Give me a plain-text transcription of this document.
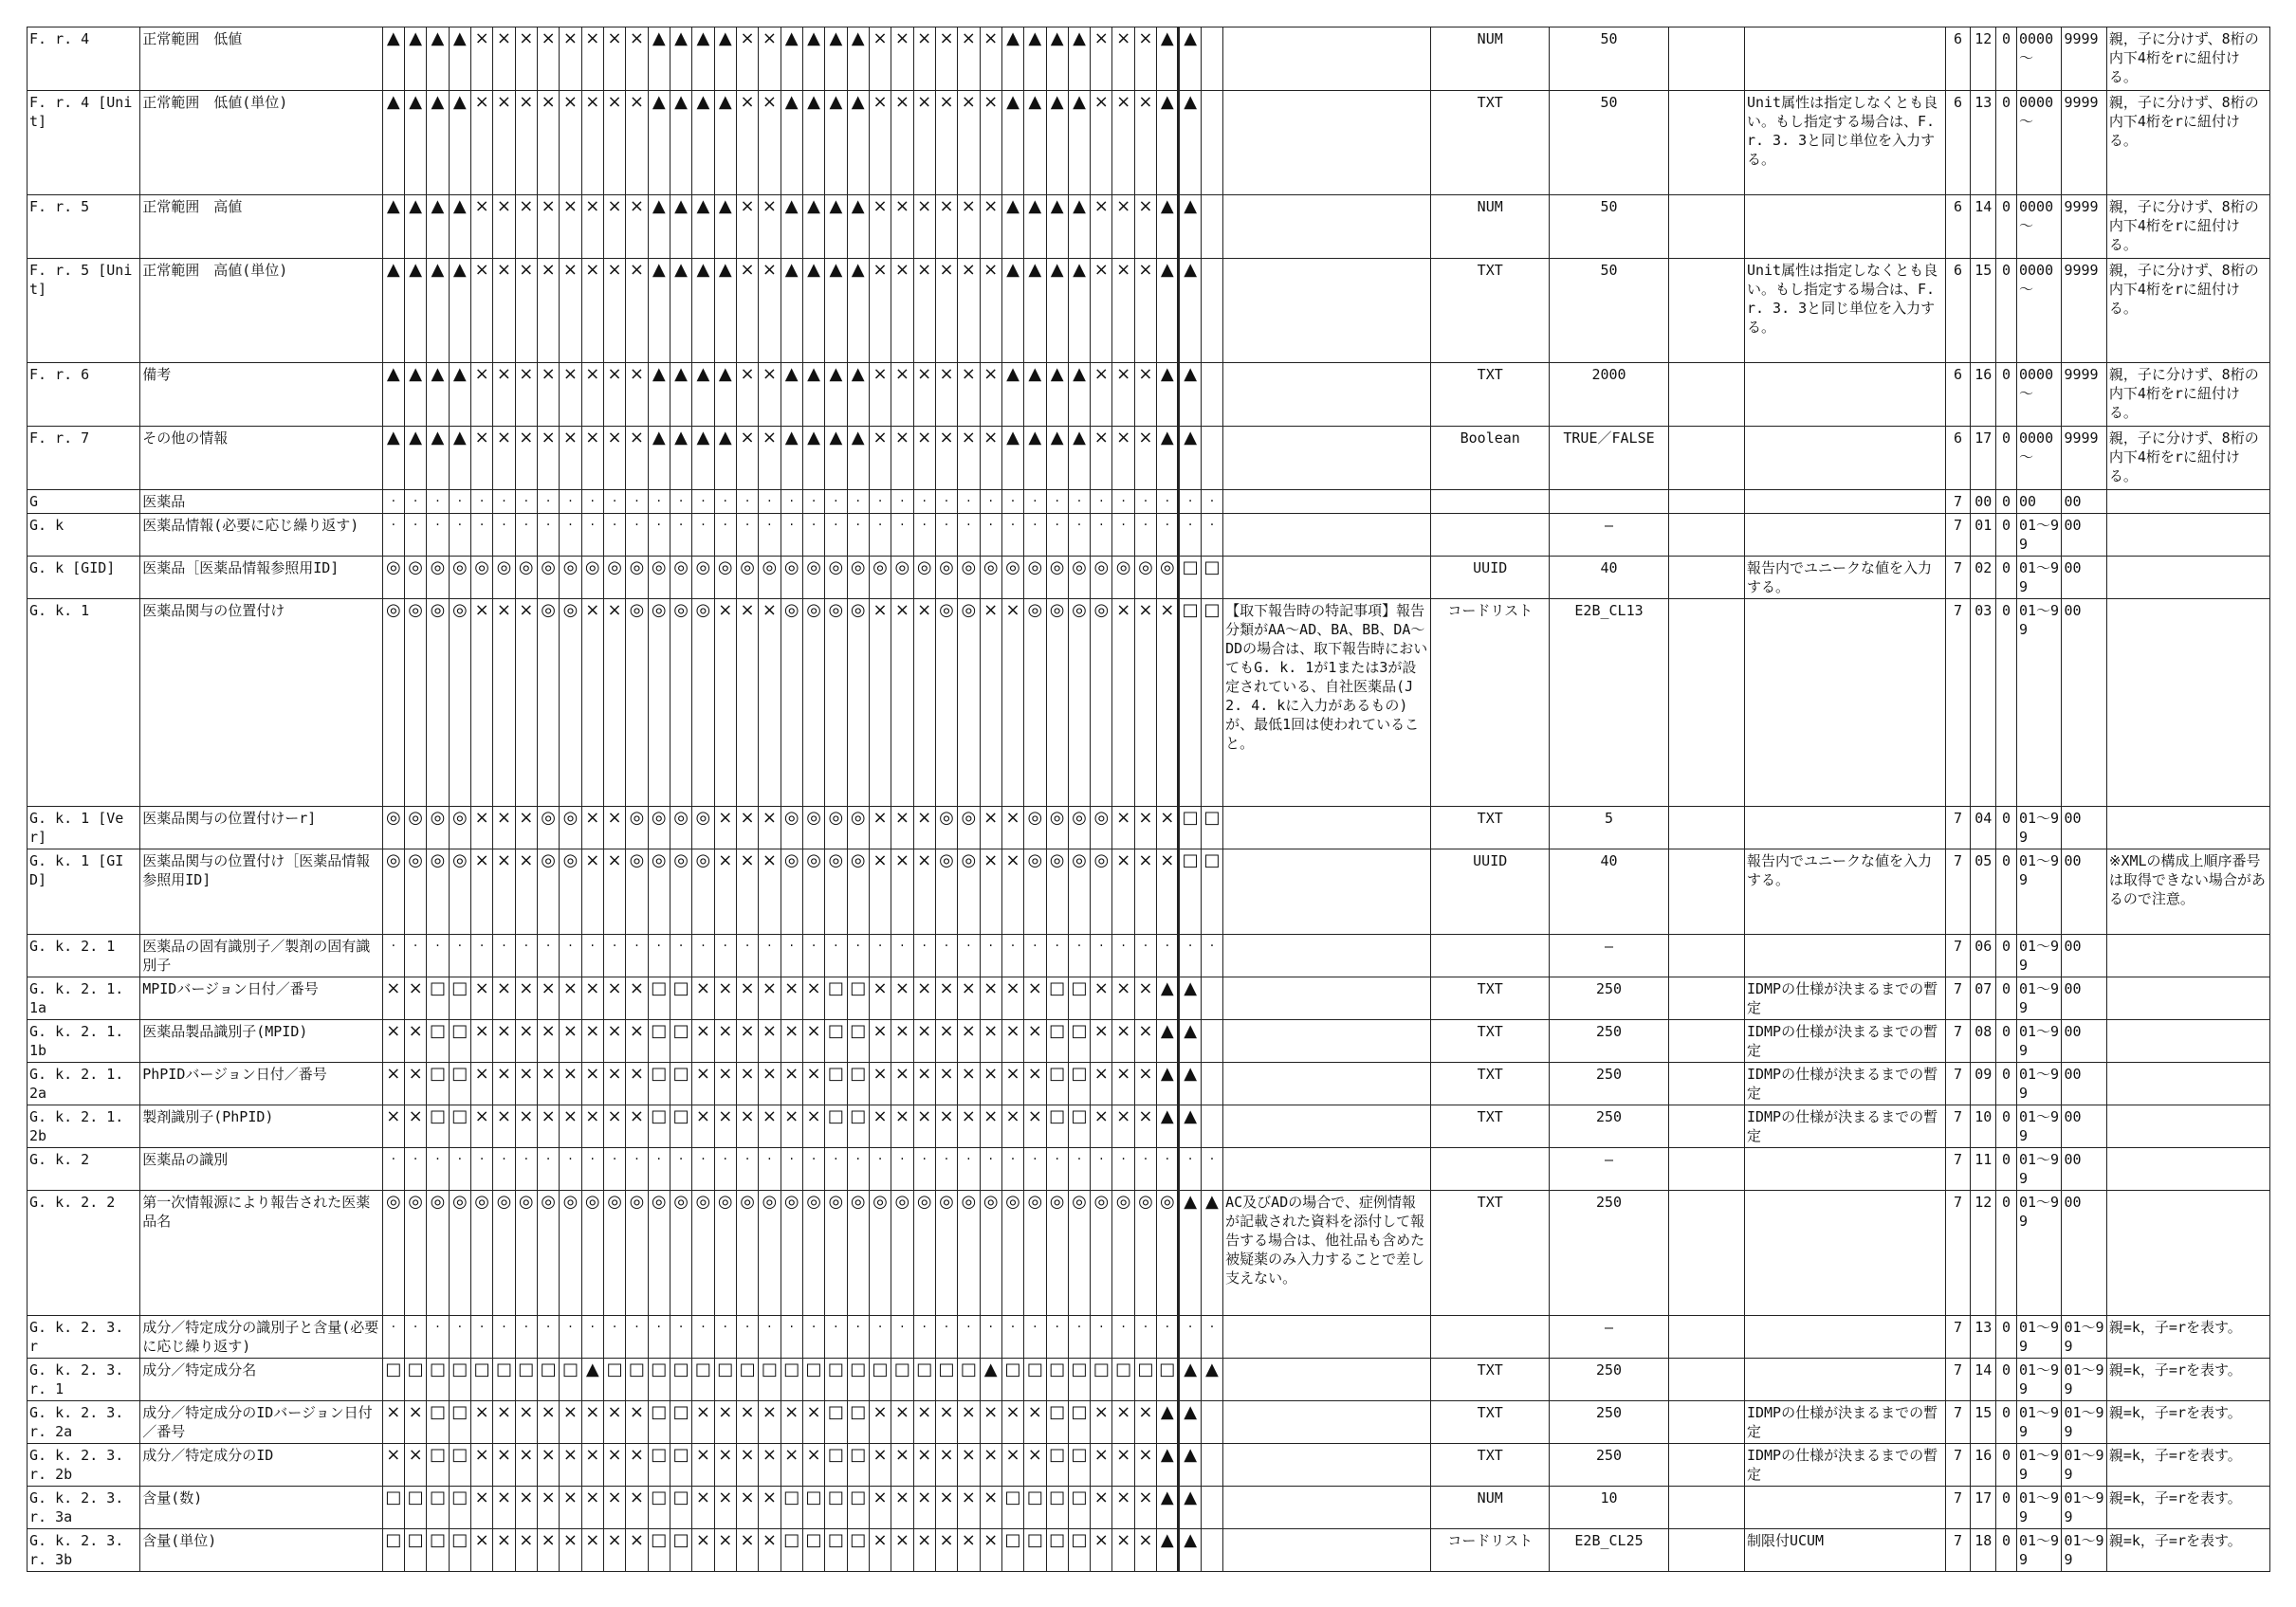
F. r. 4	正常範囲　低値	▲	▲	▲	▲	×	×	×	×	×	×	×	×	▲	▲	▲	▲	×	×	▲	▲	▲	▲	×	×	×	×	×	×	▲	▲	▲	▲	×	×	×	▲	▲			NUM	50			6	12	0	0000～	9999	親，子に分けず、8桁の内下4桁をrに紐付ける。
F. r. 4 [Unit]	正常範囲　低値(単位)	▲	▲	▲	▲	×	×	×	×	×	×	×	×	▲	▲	▲	▲	×	×	▲	▲	▲	▲	×	×	×	×	×	×	▲	▲	▲	▲	×	×	×	▲	▲			TXT	50		Unit属性は指定しなくとも良い。もし指定する場合は、F. r. 3. 3と同じ単位を入力する。	6	13	0	0000～	9999	親，子に分けず、8桁の内下4桁をrに紐付ける。
F. r. 5	正常範囲　高値	▲	▲	▲	▲	×	×	×	×	×	×	×	×	▲	▲	▲	▲	×	×	▲	▲	▲	▲	×	×	×	×	×	×	▲	▲	▲	▲	×	×	×	▲	▲			NUM	50			6	14	0	0000～	9999	親，子に分けず、8桁の内下4桁をrに紐付ける。
F. r. 5 [Unit]	正常範囲　高値(単位)	▲	▲	▲	▲	×	×	×	×	×	×	×	×	▲	▲	▲	▲	×	×	▲	▲	▲	▲	×	×	×	×	×	×	▲	▲	▲	▲	×	×	×	▲	▲			TXT	50		Unit属性は指定しなくとも良い。もし指定する場合は、F. r. 3. 3と同じ単位を入力する。	6	15	0	0000～	9999	親，子に分けず、8桁の内下4桁をrに紐付ける。
F. r. 6	備考	▲	▲	▲	▲	×	×	×	×	×	×	×	×	▲	▲	▲	▲	×	×	▲	▲	▲	▲	×	×	×	×	×	×	▲	▲	▲	▲	×	×	×	▲	▲			TXT	2000			6	16	0	0000～	9999	親，子に分けず、8桁の内下4桁をrに紐付ける。
F. r. 7	その他の情報	▲	▲	▲	▲	×	×	×	×	×	×	×	×	▲	▲	▲	▲	×	×	▲	▲	▲	▲	×	×	×	×	×	×	▲	▲	▲	▲	×	×	×	▲	▲			Boolean	TRUE／FALSE			6	17	0	0000～	9999	親，子に分けず、8桁の内下4桁をrに紐付ける。
G	医薬品	·	·	·	·	·	·	·	·	·	·	·	·	·	·	·	·	·	·	·	·	·	·	·	·	·	·	·	·	·	·	·	·	·	·	·	·	·	·						7	00	0	00	00	
G. k	医薬品情報(必要に応じ繰り返す)	·	·	·	·	·	·	·	·	·	·	·	·	·	·	·	·	·	·	·	·	·	·	·	·	·	·	·	·	·	·	·	·	·	·	·	·	·	·			—			7	01	0	01～99	00	
G. k [GID]	医薬品［医薬品情報参照用ID]	◎	◎	◎	◎	◎	◎	◎	◎	◎	◎	◎	◎	◎	◎	◎	◎	◎	◎	◎	◎	◎	◎	◎	◎	◎	◎	◎	◎	◎	◎	◎	◎	◎	◎	◎	◎	□	□		UUID	40		報告内でユニークな値を入力する。	7	02	0	01～99	00	
G. k. 1	医薬品関与の位置付け	◎	◎	◎	◎	×	×	×	◎	◎	×	×	◎	◎	◎	◎	×	×	×	◎	◎	◎	◎	×	×	×	◎	◎	×	×	◎	◎	◎	◎	×	×	×	□	□	【取下報告時の特記事項】報告分類がAA～AD、BA、BB、DA～DDの場合は、取下報告時においてもG. k. 1が1または3が設定されている、自社医薬品(J2. 4. kに入力があるもの)が、最低1回は使われていること。	コードリスト	E2B_CL13			7	03	0	01～99	00	
G. k. 1 [Ver]	医薬品関与の位置付けーr]	◎	◎	◎	◎	×	×	×	◎	◎	×	×	◎	◎	◎	◎	×	×	×	◎	◎	◎	◎	×	×	×	◎	◎	×	×	◎	◎	◎	◎	×	×	×	□	□		TXT	5			7	04	0	01～99	00	
G. k. 1 [GID]	医薬品関与の位置付け［医薬品情報参照用ID]	◎	◎	◎	◎	×	×	×	◎	◎	×	×	◎	◎	◎	◎	×	×	×	◎	◎	◎	◎	×	×	×	◎	◎	×	×	◎	◎	◎	◎	×	×	×	□	□		UUID	40		報告内でユニークな値を入力する。	7	05	0	01～99	00	※XMLの構成上順序番号は取得できない場合があるので注意。
G. k. 2. 1	医薬品の固有識別子／製剤の固有識別子	·	·	·	·	·	·	·	·	·	·	·	·	·	·	·	·	·	·	·	·	·	·	·	·	·	·	·	·	·	·	·	·	·	·	·	·	·	·			—			7	06	0	01～99	00	
G. k. 2. 1. 1a	MPIDバージョン日付／番号	×	×	□	□	×	×	×	×	×	×	×	×	□	□	×	×	×	×	×	×	□	□	×	×	×	×	×	×	×	×	□	□	×	×	×	▲	▲			TXT	250		IDMPの仕様が決まるまでの暫定	7	07	0	01～99	00	
G. k. 2. 1. 1b	医薬品製品識別子(MPID)	×	×	□	□	×	×	×	×	×	×	×	×	□	□	×	×	×	×	×	×	□	□	×	×	×	×	×	×	×	×	□	□	×	×	×	▲	▲			TXT	250		IDMPの仕様が決まるまでの暫定	7	08	0	01～99	00	
G. k. 2. 1. 2a	PhPIDバージョン日付／番号	×	×	□	□	×	×	×	×	×	×	×	×	□	□	×	×	×	×	×	×	□	□	×	×	×	×	×	×	×	×	□	□	×	×	×	▲	▲			TXT	250		IDMPの仕様が決まるまでの暫定	7	09	0	01～99	00	
G. k. 2. 1. 2b	製剤識別子(PhPID)	×	×	□	□	×	×	×	×	×	×	×	×	□	□	×	×	×	×	×	×	□	□	×	×	×	×	×	×	×	×	□	□	×	×	×	▲	▲			TXT	250		IDMPの仕様が決まるまでの暫定	7	10	0	01～99	00	
G. k. 2	医薬品の識別	·	·	·	·	·	·	·	·	·	·	·	·	·	·	·	·	·	·	·	·	·	·	·	·	·	·	·	·	·	·	·	·	·	·	·	·	·	·			—			7	11	0	01～99	00	
G. k. 2. 2	第一次情報源により報告された医薬品名	◎	◎	◎	◎	◎	◎	◎	◎	◎	◎	◎	◎	◎	◎	◎	◎	◎	◎	◎	◎	◎	◎	◎	◎	◎	◎	◎	◎	◎	◎	◎	◎	◎	◎	◎	◎	▲	▲	AC及びADの場合で、症例情報が記載された資料を添付して報告する場合は、他社品も含めた被疑薬のみ入力することで差し支えない。	TXT	250			7	12	0	01～99	00	
G. k. 2. 3. r	成分／特定成分の識別子と含量(必要に応じ繰り返す)	·	·	·	·	·	·	·	·	·	·	·	·	·	·	·	·	·	·	·	·	·	·	·	·	·	·	·	·	·	·	·	·	·	·	·	·	·	·			—			7	13	0	01～99	01～99	親=k，子=rを表す。
G. k. 2. 3. r. 1	成分／特定成分名	□	□	□	□	□	□	□	□	□	▲	□	□	□	□	□	□	□	□	□	□	□	□	□	□	□	□	□	▲	□	□	□	□	□	□	□	□	▲	▲		TXT	250			7	14	0	01～99	01～99	親=k，子=rを表す。
G. k. 2. 3. r. 2a	成分／特定成分のIDバージョン日付／番号	×	×	□	□	×	×	×	×	×	×	×	×	□	□	×	×	×	×	×	×	□	□	×	×	×	×	×	×	×	×	□	□	×	×	×	▲	▲			TXT	250		IDMPの仕様が決まるまでの暫定	7	15	0	01～99	01～99	親=k，子=rを表す。
G. k. 2. 3. r. 2b	成分／特定成分のID	×	×	□	□	×	×	×	×	×	×	×	×	□	□	×	×	×	×	×	×	□	□	×	×	×	×	×	×	×	×	□	□	×	×	×	▲	▲			TXT	250		IDMPの仕様が決まるまでの暫定	7	16	0	01～99	01～99	親=k，子=rを表す。
G. k. 2. 3. r. 3a	含量(数)	□	□	□	□	×	×	×	×	×	×	×	×	□	□	×	×	×	×	□	□	□	□	×	×	×	×	×	×	□	□	□	□	×	×	×	▲	▲			NUM	10			7	17	0	01～99	01～99	親=k，子=rを表す。
G. k. 2. 3. r. 3b	含量(単位)	□	□	□	□	×	×	×	×	×	×	×	×	□	□	×	×	×	×	□	□	□	□	×	×	×	×	×	×	□	□	□	□	×	×	×	▲	▲			コードリスト	E2B_CL25		制限付UCUM	7	18	0	01～99	01～99	親=k，子=rを表す。
